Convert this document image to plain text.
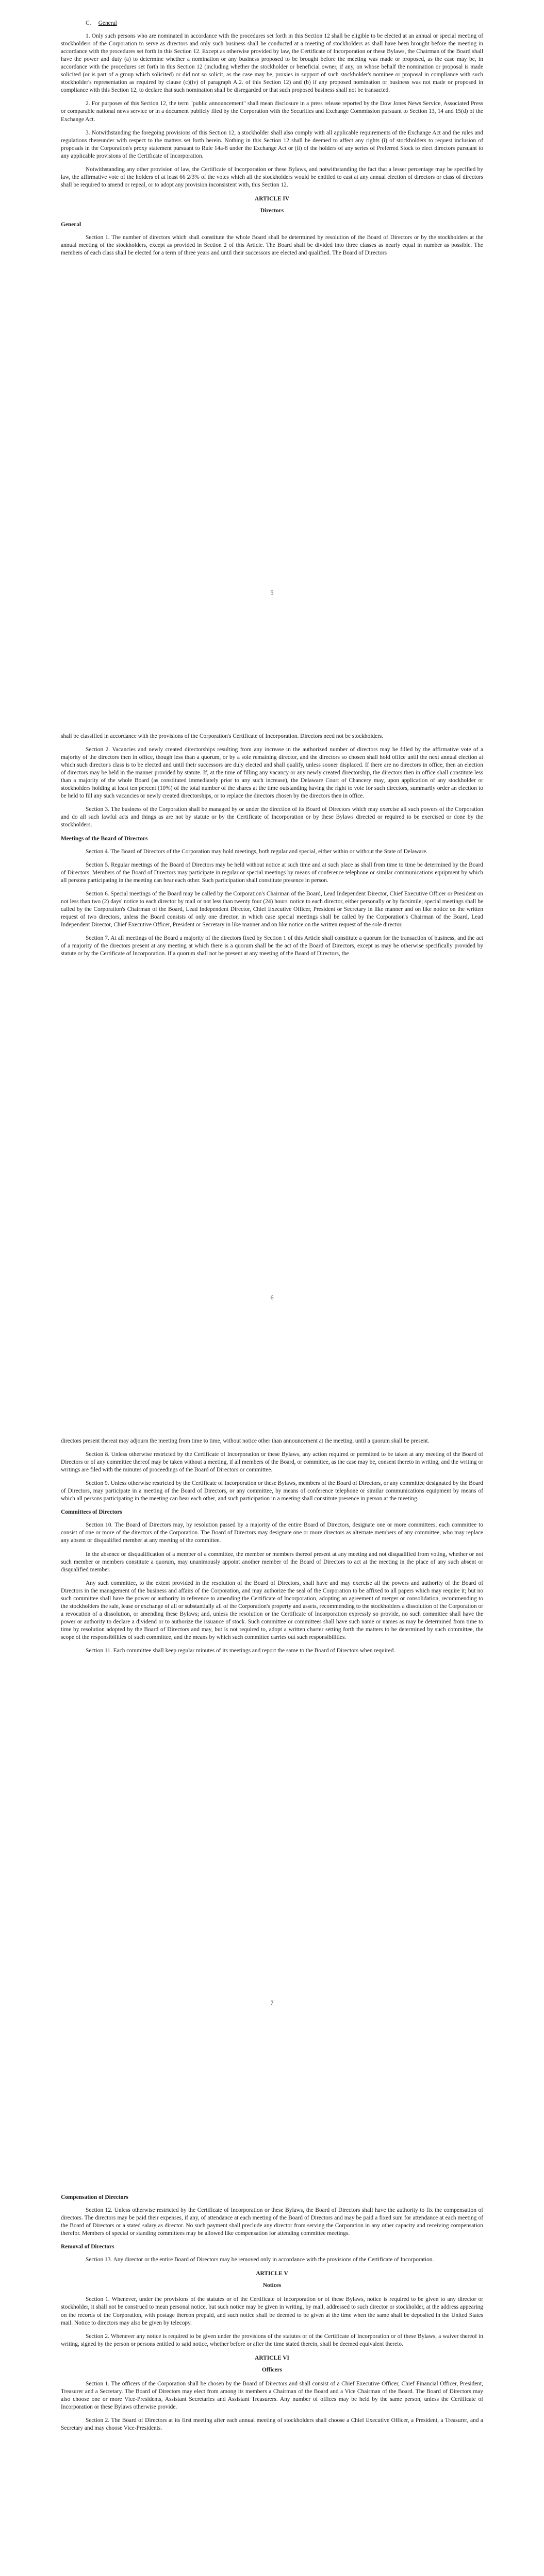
C. General

1. Only such persons who are nominated in accordance with the procedures set forth in this Section 12 shall be eligible to be elected at an annual or special meeting of stockholders of the Corporation to serve as directors and only such business shall be conducted at a meeting of stockholders as shall have been brought before the meeting in accordance with the procedures set forth in this Section 12. Except as otherwise provided by law, the Certificate of Incorporation or these Bylaws, the Chairman of the Board shall have the power and duty (a) to determine whether a nomination or any business proposed to be brought before the meeting was made or proposed, as the case may be, in accordance with the procedures set forth in this Section 12 (including whether the stockholder or beneficial owner, if any, on whose behalf the nomination or proposal is made solicited (or is part of a group which solicited) or did not so solicit, as the case may be, proxies in support of such stockholder's nominee or proposal in compliance with such stockholder's representation as required by clause (c)(iv) of paragraph A.2. of this Section 12) and (b) if any proposed nomination or business was not made or proposed in compliance with this Section 12, to declare that such nomination shall be disregarded or that such proposed business shall not be transacted.

2. For purposes of this Section 12, the term "public announcement" shall mean disclosure in a press release reported by the Dow Jones News Service, Associated Press or comparable national news service or in a document publicly filed by the Corporation with the Securities and Exchange Commission pursuant to Section 13, 14 and 15(d) of the Exchange Act.

3. Notwithstanding the foregoing provisions of this Section 12, a stockholder shall also comply with all applicable requirements of the Exchange Act and the rules and regulations thereunder with respect to the matters set forth herein. Nothing in this Section 12 shall be deemed to affect any rights (i) of stockholders to request inclusion of proposals in the Corporation's proxy statement pursuant to Rule 14a-8 under the Exchange Act or (ii) of the holders of any series of Preferred Stock to elect directors pursuant to any applicable provisions of the Certificate of Incorporation.

Notwithstanding any other provision of law, the Certificate of Incorporation or these Bylaws, and notwithstanding the fact that a lesser percentage may be specified by law, the affirmative vote of the holders of at least 66 2/3% of the votes which all the stockholders would be entitled to cast at any annual election of directors or class of directors shall be required to amend or repeal, or to adopt any provision inconsistent with, this Section 12.

ARTICLE IV
Directors
General

Section 1. The number of directors which shall constitute the whole Board shall be determined by resolution of the Board of Directors or by the stockholders at the annual meeting of the stockholders, except as provided in Section 2 of this Article. The Board shall be divided into three classes as nearly equal in number as possible. The members of each class shall be elected for a term of three years and until their successors are elected and qualified. The Board of Directors

5

shall be classified in accordance with the provisions of the Corporation's Certificate of Incorporation. Directors need not be stockholders.

Section 2. Vacancies and newly created directorships resulting from any increase in the authorized number of directors may be filled by the affirmative vote of a majority of the directors then in office, though less than a quorum, or by a sole remaining director, and the directors so chosen shall hold office until the next annual election at which such director's class is to be elected and until their successors are duly elected and shall qualify, unless sooner displaced. If there are no directors in office, then an election of directors may be held in the manner provided by statute. If, at the time of filling any vacancy or any newly created directorship, the directors then in office shall constitute less than a majority of the whole Board (as constituted immediately prior to any such increase), the Delaware Court of Chancery may, upon application of any stockholder or stockholders holding at least ten percent (10%) of the total number of the shares at the time outstanding having the right to vote for such directors, summarily order an election to be held to fill any such vacancies or newly created directorships, or to replace the directors chosen by the directors then in office.

Section 3. The business of the Corporation shall be managed by or under the direction of its Board of Directors which may exercise all such powers of the Corporation and do all such lawful acts and things as are not by statute or by the Certificate of Incorporation or by these Bylaws directed or required to be exercised or done by the stockholders.

Meetings of the Board of Directors

Section 4. The Board of Directors of the Corporation may hold meetings, both regular and special, either within or without the State of Delaware.

Section 5. Regular meetings of the Board of Directors may be held without notice at such time and at such place as shall from time to time be determined by the Board of Directors. Members of the Board of Directors may participate in regular or special meetings by means of conference telephone or similar communications equipment by which all persons participating in the meeting can hear each other. Such participation shall constitute presence in person.

Section 6. Special meetings of the Board may be called by the Corporation's Chairman of the Board, Lead Independent Director, Chief Executive Officer or President on not less than two (2) days' notice to each director by mail or not less than twenty four (24) hours' notice to each director, either personally or by facsimile; special meetings shall be called by the Corporation's Chairman of the Board, Lead Independent Director, Chief Executive Officer, President or Secretary in like manner and on like notice on the written request of two directors, unless the Board consists of only one director, in which case special meetings shall be called by the Corporation's Chairman of the Board, Lead Independent Director, Chief Executive Officer, President or Secretary in like manner and on like notice on the written request of the sole director.

Section 7. At all meetings of the Board a majority of the directors fixed by Section 1 of this Article shall constitute a quorum for the transaction of business, and the act of a majority of the directors present at any meeting at which there is a quorum shall be the act of the Board of Directors, except as may be otherwise specifically provided by statute or by the Certificate of Incorporation. If a quorum shall not be present at any meeting of the Board of Directors, the

6

directors present thereat may adjourn the meeting from time to time, without notice other than announcement at the meeting, until a quorum shall be present.

Section 8. Unless otherwise restricted by the Certificate of Incorporation or these Bylaws, any action required or permitted to be taken at any meeting of the Board of Directors or of any committee thereof may be taken without a meeting, if all members of the Board, or committee, as the case may be, consent thereto in writing, and the writing or writings are filed with the minutes of proceedings of the Board of Directors or committee.

Section 9. Unless otherwise restricted by the Certificate of Incorporation or these Bylaws, members of the Board of Directors, or any committee designated by the Board of Directors, may participate in a meeting of the Board of Directors, or any committee, by means of conference telephone or similar communications equipment by means of which all persons participating in the meeting can hear each other, and such participation in a meeting shall constitute presence in person at the meeting.

Committees of Directors

Section 10. The Board of Directors may, by resolution passed by a majority of the entire Board of Directors, designate one or more committees, each committee to consist of one or more of the directors of the Corporation. The Board of Directors may designate one or more directors as alternate members of any committee, who may replace any absent or disqualified member at any meeting of the committee.

In the absence or disqualification of a member of a committee, the member or members thereof present at any meeting and not disqualified from voting, whether or not such member or members constitute a quorum, may unanimously appoint another member of the Board of Directors to act at the meeting in the place of any such absent or disqualified member.

Any such committee, to the extent provided in the resolution of the Board of Directors, shall have and may exercise all the powers and authority of the Board of Directors in the management of the business and affairs of the Corporation, and may authorize the seal of the Corporation to be affixed to all papers which may require it; but no such committee shall have the power or authority in reference to amending the Certificate of Incorporation, adopting an agreement of merger or consolidation, recommending to the stockholders the sale, lease or exchange of all or substantially all of the Corporation's property and assets, recommending to the stockholders a dissolution of the Corporation or a revocation of a dissolution, or amending these Bylaws; and, unless the resolution or the Certificate of Incorporation expressly so provide, no such committee shall have the power or authority to declare a dividend or to authorize the issuance of stock. Such committee or committees shall have such name or names as may be determined from time to time by resolution adopted by the Board of Directors and may, but is not required to, adopt a written charter setting forth the matters to be determined by such committee, the scope of the responsibilities of such committee, and the means by which such committee carries out such responsibilities.

Section 11. Each committee shall keep regular minutes of its meetings and report the same to the Board of Directors when required.

7
Compensation of Directors

Section 12. Unless otherwise restricted by the Certificate of Incorporation or these Bylaws, the Board of Directors shall have the authority to fix the compensation of directors. The directors may be paid their expenses, if any, of attendance at each meeting of the Board of Directors and may be paid a fixed sum for attendance at each meeting of the Board of Directors or a stated salary as director. No such payment shall preclude any director from serving the Corporation in any other capacity and receiving compensation therefor. Members of special or standing committees may be allowed like compensation for attending committee meetings.

Removal of Directors

Section 13. Any director or the entire Board of Directors may be removed only in accordance with the provisions of the Certificate of Incorporation.

ARTICLE V
Notices

Section 1. Whenever, under the provisions of the statutes or of the Certificate of Incorporation or of these Bylaws, notice is required to be given to any director or stockholder, it shall not be construed to mean personal notice, but such notice may be given in writing, by mail, addressed to such director or stockholder, at the address appearing on the records of the Corporation, with postage thereon prepaid, and such notice shall be deemed to be given at the time when the same shall be deposited in the United States mail. Notice to directors may also be given by telecopy.

Section 2. Whenever any notice is required to be given under the provisions of the statutes or of the Certificate of Incorporation or of these Bylaws, a waiver thereof in writing, signed by the person or persons entitled to said notice, whether before or after the time stated therein, shall be deemed equivalent thereto.

ARTICLE VI
Officers

Section 1. The officers of the Corporation shall be chosen by the Board of Directors and shall consist of a Chief Executive Officer, Chief Financial Officer, President, Treasurer and a Secretary. The Board of Directors may elect from among its members a Chairman of the Board and a Vice Chairman of the Board. The Board of Directors may also choose one or more Vice-Presidents, Assistant Secretaries and Assistant Treasurers. Any number of offices may be held by the same person, unless the Certificate of Incorporation or these Bylaws otherwise provide.

Section 2. The Board of Directors at its first meeting after each annual meeting of stockholders shall choose a Chief Executive Officer, a President, a Treasurer, and a Secretary and may choose Vice-Presidents.
